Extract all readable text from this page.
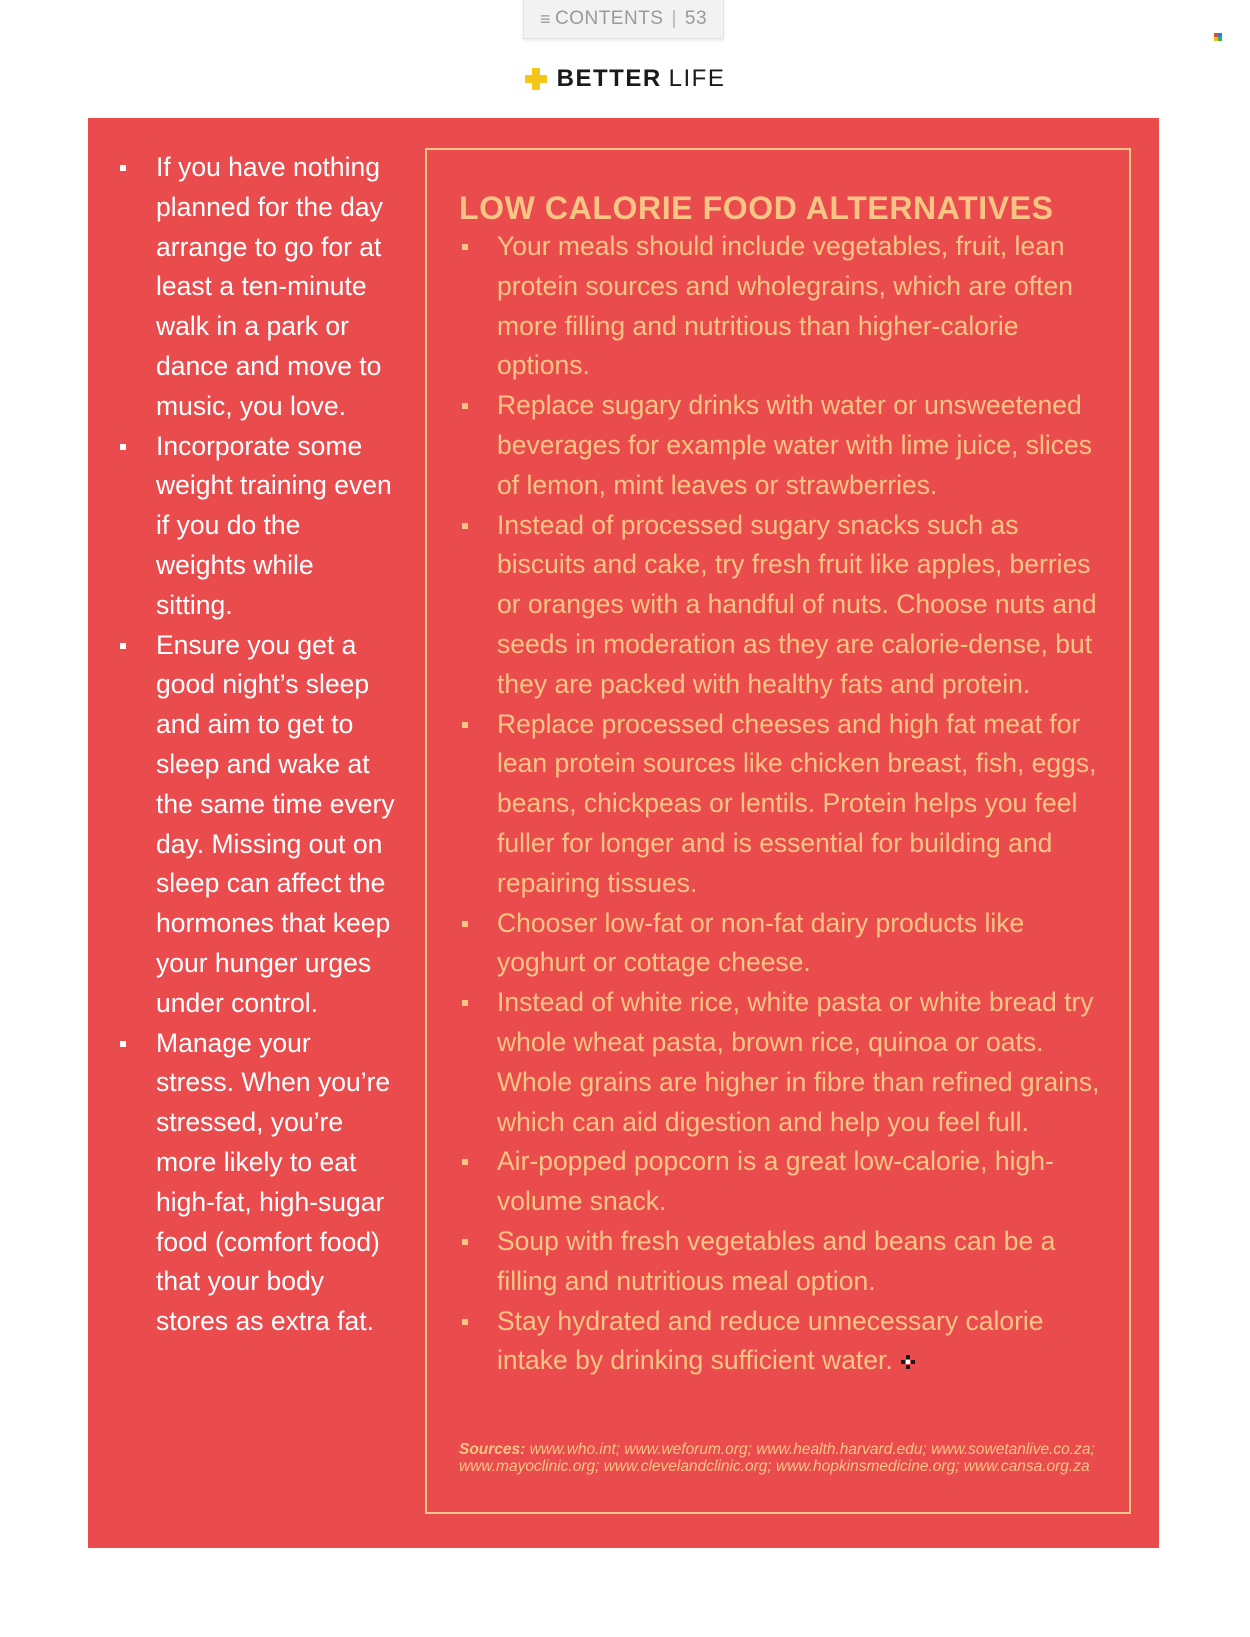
≡ CONTENTS | 53
BETTER LIFE
If you have nothing planned for the day arrange to go for at least a ten-minute walk in a park or dance and move to music, you love.
Incorporate some weight training even if you do the weights while sitting.
Ensure you get a good night’s sleep and aim to get to sleep and wake at the same time every day. Missing out on sleep can affect the hormones that keep your hunger urges under control.
Manage your stress. When you’re stressed, you’re more likely to eat high-fat, high-sugar food (comfort food) that your body stores as extra fat.
LOW CALORIE FOOD ALTERNATIVES
Your meals should include vegetables, fruit, lean protein sources and wholegrains, which are often more filling and nutritious than higher-calorie options.
Replace sugary drinks with water or unsweetened beverages for example water with lime juice, slices of lemon, mint leaves or strawberries.
Instead of processed sugary snacks such as biscuits and cake, try fresh fruit like apples, berries or oranges with a handful of nuts. Choose nuts and seeds in moderation as they are calorie-dense, but they are packed with healthy fats and protein.
Replace processed cheeses and high fat meat for lean protein sources like chicken breast, fish, eggs, beans, chickpeas or lentils. Protein helps you feel fuller for longer and is essential for building and repairing tissues.
Chooser low-fat or non-fat dairy products like yoghurt or cottage cheese.
Instead of white rice, white pasta or white bread try whole wheat pasta, brown rice, quinoa or oats. Whole grains are higher in fibre than refined grains, which can aid digestion and help you feel full.
Air-popped popcorn is a great low-calorie, high-volume snack.
Soup with fresh vegetables and beans can be a filling and nutritious meal option.
Stay hydrated and reduce unnecessary calorie intake by drinking sufficient water.
Sources: www.who.int; www.weforum.org; www.health.harvard.edu; www.sowetanlive.co.za; www.mayoclinic.org; www.clevelandclinic.org; www.hopkinsmedicine.org; www.cansa.org.za
